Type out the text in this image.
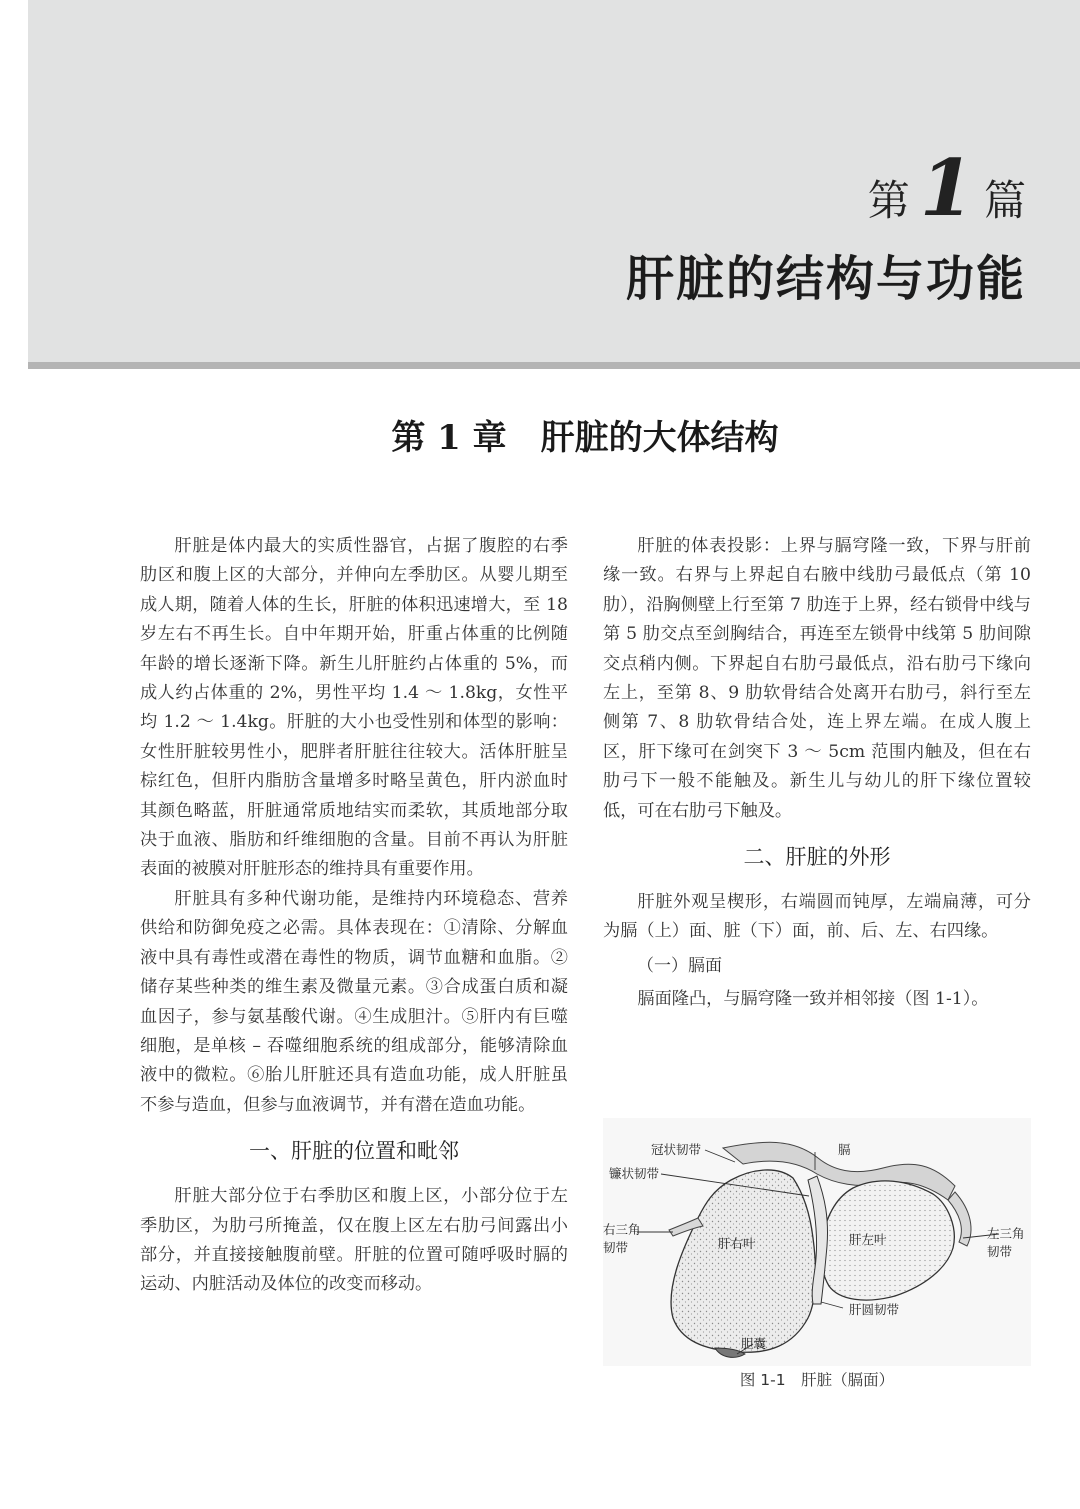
第 1 篇
肝脏的结构与功能
第 1 章　肝脏的大体结构

肝脏是体内最大的实质性器官，占据了腹腔的右季肋区和腹上区的大部分，并伸向左季肋区。从婴儿期至成人期，随着人体的生长，肝脏的体积迅速增大，至 18 岁左右不再生长。自中年期开始，肝重占体重的比例随年龄的增长逐渐下降。新生儿肝脏约占体重的 5%，而成人约占体重的 2%，男性平均 1.4 ～ 1.8kg，女性平均 1.2 ～ 1.4kg。肝脏的大小也受性别和体型的影响：女性肝脏较男性小，肥胖者肝脏往往较大。活体肝脏呈棕红色，但肝内脂肪含量增多时略呈黄色，肝内淤血时其颜色略蓝，肝脏通常质地结实而柔软，其质地部分取决于血液、脂肪和纤维细胞的含量。目前不再认为肝脏表面的被膜对肝脏形态的维持具有重要作用。

肝脏具有多种代谢功能，是维持内环境稳态、营养供给和防御免疫之必需。具体表现在：①清除、分解血液中具有毒性或潜在毒性的物质，调节血糖和血脂。②储存某些种类的维生素及微量元素。③合成蛋白质和凝血因子，参与氨基酸代谢。④生成胆汁。⑤肝内有巨噬细胞，是单核 – 吞噬细胞系统的组成部分，能够清除血液中的微粒。⑥胎儿肝脏还具有造血功能，成人肝脏虽不参与造血，但参与血液调节，并有潜在造血功能。

一、肝脏的位置和毗邻

肝脏大部分位于右季肋区和腹上区，小部分位于左季肋区，为肋弓所掩盖，仅在腹上区左右肋弓间露出小部分，并直接接触腹前壁。肝脏的位置可随呼吸时膈的运动、内脏活动及体位的改变而移动。

肝脏的体表投影：上界与膈穹隆一致，下界与肝前缘一致。右界与上界起自右腋中线肋弓最低点（第 10 肋），沿胸侧壁上行至第 7 肋连于上界，经右锁骨中线与第 5 肋交点至剑胸结合，再连至左锁骨中线第 5 肋间隙交点稍内侧。下界起自右肋弓最低点，沿右肋弓下缘向左上，至第 8、9 肋软骨结合处离开右肋弓，斜行至左侧第 7、8 肋软骨结合处，连上界左端。在成人腹上区，肝下缘可在剑突下 3 ～ 5cm 范围内触及，但在右肋弓下一般不能触及。新生儿与幼儿的肝下缘位置较低，可在右肋弓下触及。

二、肝脏的外形

肝脏外观呈楔形，右端圆而钝厚，左端扁薄，可分为膈（上）面、脏（下）面，前、后、左、右四缘。

（一）膈面

膈面隆凸，与膈穹隆一致并相邻接（图 1-1）。

冠状韧带	膈
镰状韧带
右三角
韧带	肝右叶	肝左叶	左三角
韧带
肝圆韧带
胆囊
图 1-1　肝脏（膈面）
